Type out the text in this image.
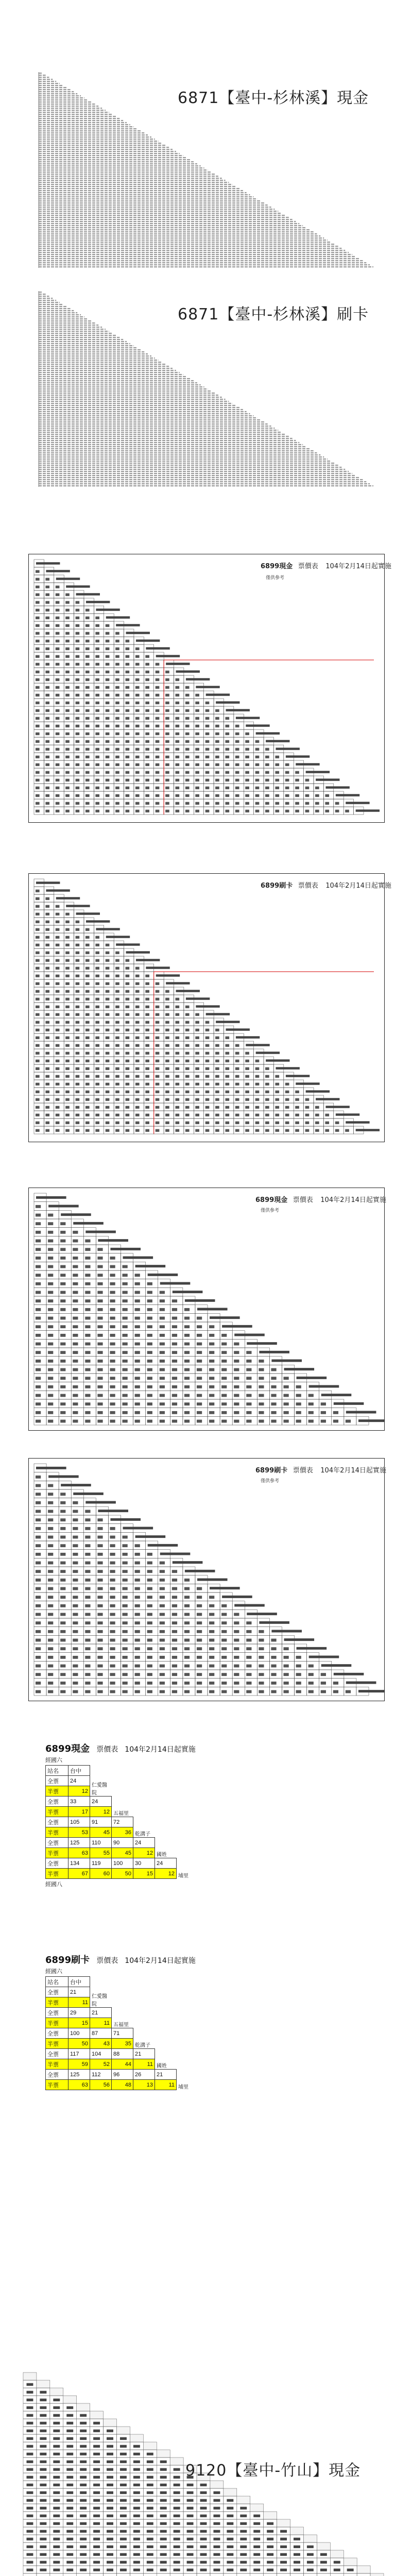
6871【臺中-杉林溪】現金
6871【臺中-杉林溪】刷卡
6899現金 票價表 104年2月14日起實施
僅供參考
6899刷卡 票價表 104年2月14日起實施
6899現金 票價表 104年2月14日起實施
僅供參考
6899刷卡 票價表 104年2月14日起實施
僅供參考
6899現金 票價表 104年2月14日起實施
經國六
站名	台中					
全票	24	仁愛醫院				
半票	12					
全票	33	24	五福里			
半票	17	12				
全票	105	91	72	乾溝子		
半票	53	45	36			
全票	125	110	90	24	國姓	
半票	63	55	45	12		
全票	134	119	100	30	24	埔里
半票	67	60	50	15	12	
經國八
6899刷卡 票價表 104年2月14日起實施
經國六
站名	台中					
全票	21	仁愛醫院				
半票	11					
全票	29	21	五福里			
半票	15	11				
全票	100	87	71	乾溝子		
半票	50	43	35			
全票	117	104	88	21	國姓	
半票	59	52	44	11		
全票	125	112	96	26	21	埔里
半票	63	56	48	13	11	
9120【臺中-竹山】現金
